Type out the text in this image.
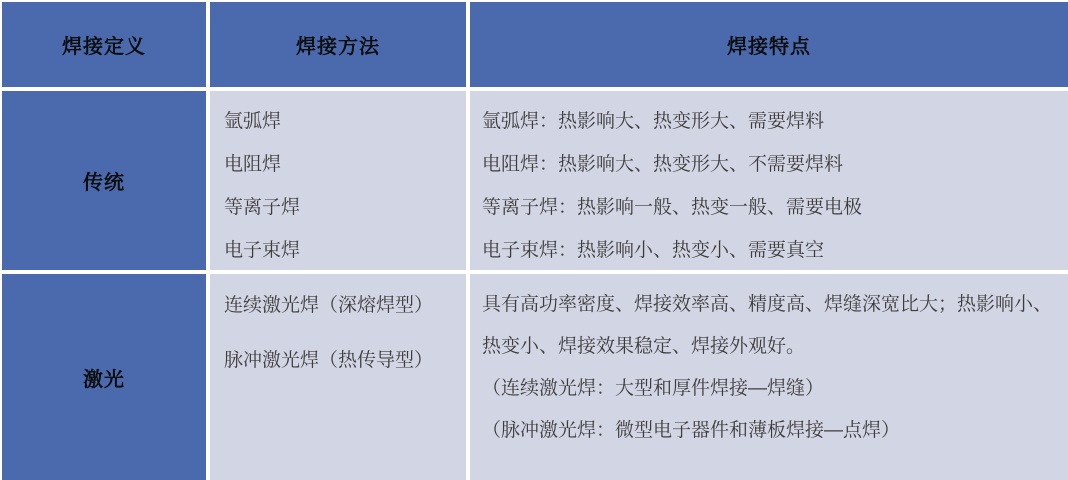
焊接定义	焊接方法	焊接特点
传统
氩弧焊
电阻焊
等离子焊
电子束焊
氩弧焊：热影响大、热变形大、需要焊料
电阻焊：热影响大、热变形大、不需要焊料
等离子焊：热影响一般、热变一般、需要电极
电子束焊：热影响小、热变小、需要真空
激光
连续激光焊（深熔焊型）
脉冲激光焊（热传导型）
具有高功率密度、焊接效率高、精度高、焊缝深宽比大；热影响小、热变小、焊接效果稳定、焊接外观好。
（连续激光焊：大型和厚件焊接—焊缝）
（脉冲激光焊：微型电子器件和薄板焊接—点焊）
